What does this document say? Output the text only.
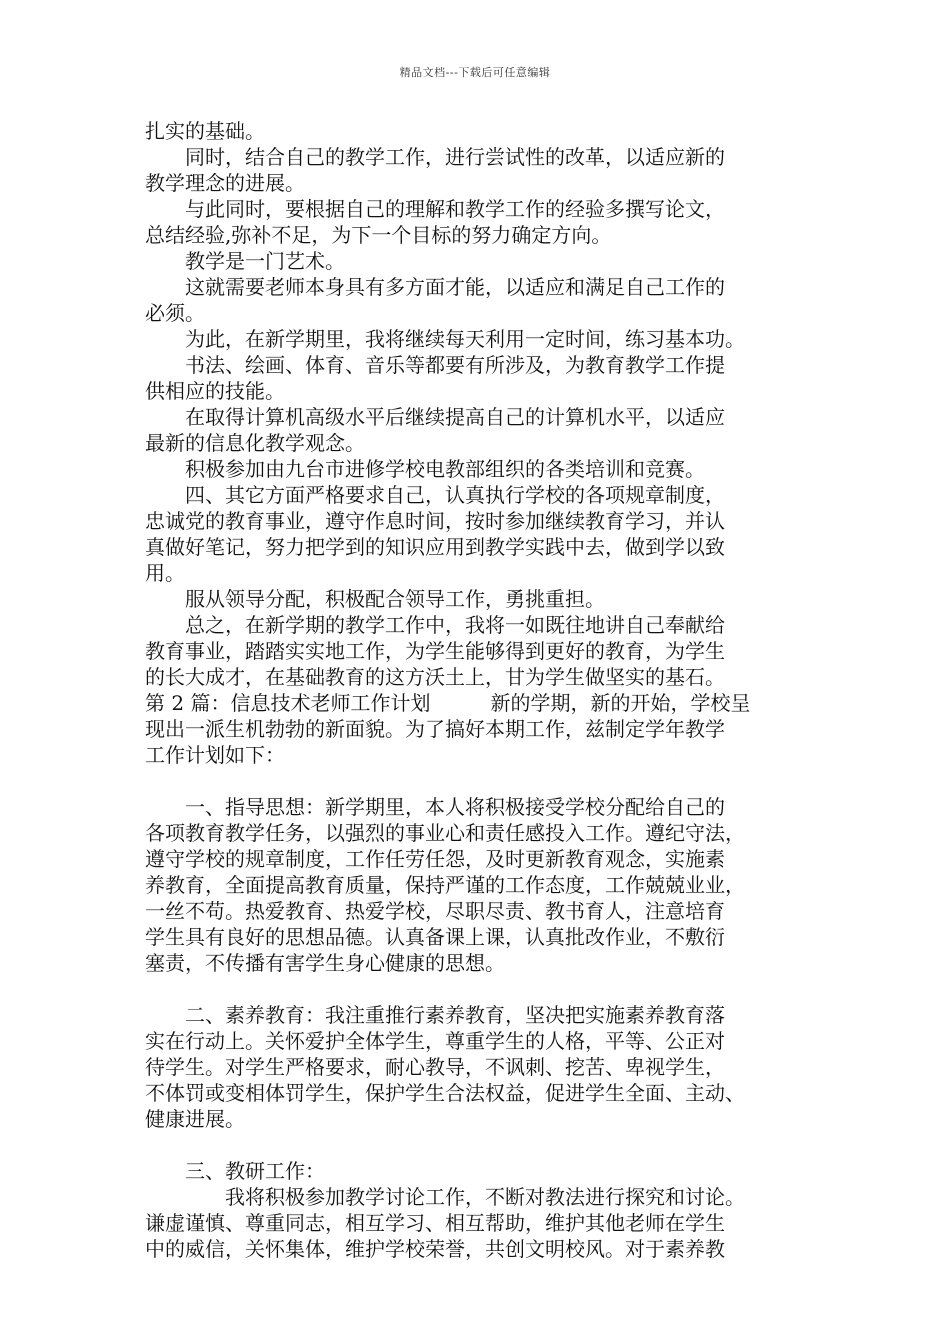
精品文档---下载后可任意编辑
扎实的基础。
　　同时，结合自己的教学工作，进行尝试性的改革，以适应新的
教学理念的进展。
　　与此同时，要根据自己的理解和教学工作的经验多撰写论文，
总结经验,弥补不足，为下一个目标的努力确定方向。
　　教学是一门艺术。
　　这就需要老师本身具有多方面才能，以适应和满足自己工作的
必须。
　　为此，在新学期里，我将继续每天利用一定时间，练习基本功。
　　书法、绘画、体育、音乐等都要有所涉及，为教育教学工作提
供相应的技能。
　　在取得计算机高级水平后继续提高自己的计算机水平，以适应
最新的信息化教学观念。
　　积极参加由九台市进修学校电教部组织的各类培训和竞赛。
　　四、其它方面严格要求自己，认真执行学校的各项规章制度，
忠诚党的教育事业，遵守作息时间，按时参加继续教育学习，并认
真做好笔记，努力把学到的知识应用到教学实践中去，做到学以致
用。
　　服从领导分配，积极配合领导工作，勇挑重担。
　　总之，在新学期的教学工作中，我将一如既往地讲自己奉献给
教育事业，踏踏实实地工作，为学生能够得到更好的教育，为学生
的长大成才，在基础教育的这方沃土上，甘为学生做坚实的基石。
第 2 篇：信息技术老师工作计划　　　新的学期，新的开始，学校呈
现出一派生机勃勃的新面貌。为了搞好本期工作，兹制定学年教学
工作计划如下：
　　一、指导思想：新学期里，本人将积极接受学校分配给自己的
各项教育教学任务，以强烈的事业心和责任感投入工作。遵纪守法，
遵守学校的规章制度，工作任劳任怨，及时更新教育观念，实施素
养教育，全面提高教育质量，保持严谨的工作态度，工作兢兢业业，
一丝不苟。热爱教育、热爱学校，尽职尽责、教书育人，注意培育
学生具有良好的思想品德。认真备课上课，认真批改作业，不敷衍
塞责，不传播有害学生身心健康的思想。
　　二、素养教育：我注重推行素养教育，坚决把实施素养教育落
实在行动上。关怀爱护全体学生，尊重学生的人格，平等、公正对
待学生。对学生严格要求，耐心教导，不讽刺、挖苦、卑视学生，
不体罚或变相体罚学生，保护学生合法权益，促进学生全面、主动、
健康进展。
　　三、教研工作：
　　　　我将积极参加教学讨论工作，不断对教法进行探究和讨论。
谦虚谨慎、尊重同志，相互学习、相互帮助，维护其他老师在学生
中的威信，关怀集体，维护学校荣誉，共创文明校风。对于素养教
